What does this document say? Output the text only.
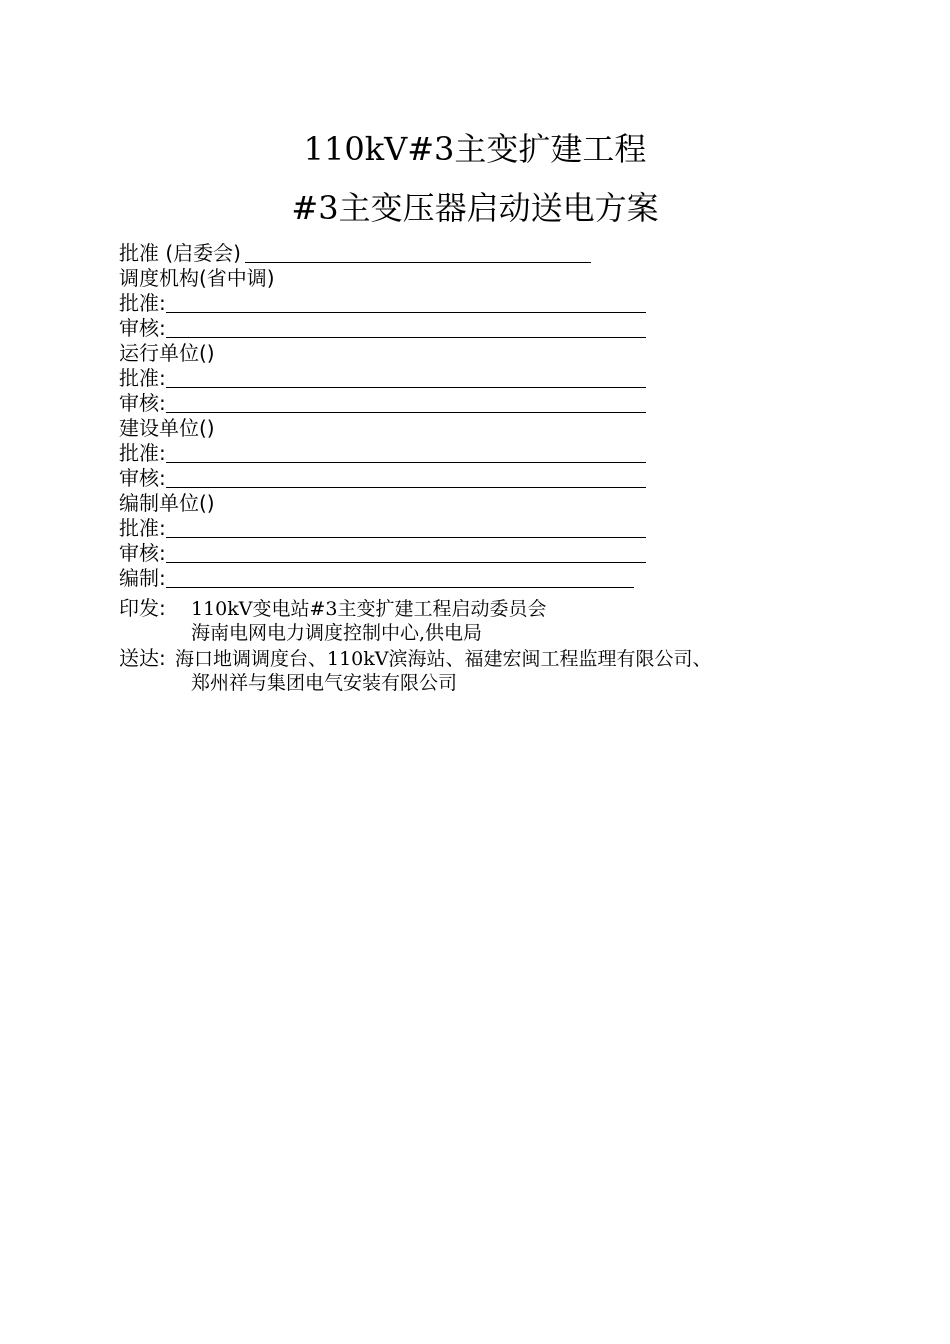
110kV#3主变扩建工程
#3主变压器启动送电方案
批准 (启委会)
调度机构(省中调)
批准:
审核:
运行单位()
批准:
审核:
建设单位()
批准:
审核:
编制单位()
批准:
审核:
编制:
印发: 110kV变电站#3主变扩建工程启动委员会
海南电网电力调度控制中心,供电局
送达: 海口地调调度台、110kV滨海站、福建宏闽工程监理有限公司、
郑州祥与集团电气安装有限公司
